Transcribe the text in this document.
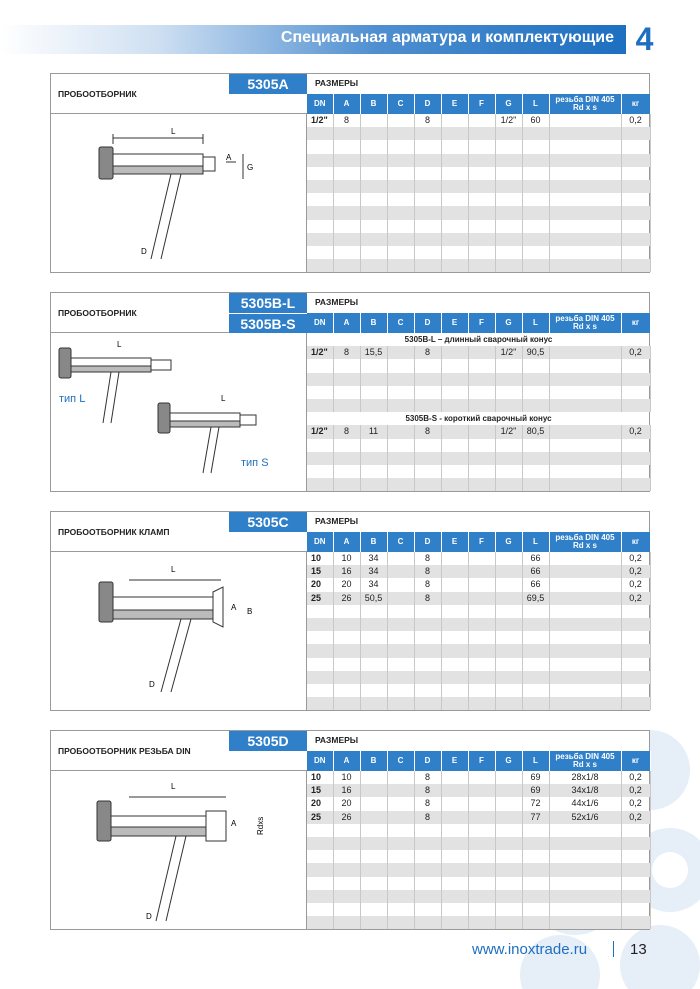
Специальная арматура и комплектующие 4
ПРОБООТБОРНИК
5305A	РАЗМЕРЫ
L
A
G
D
DN	A	B	C	D	E	F	G	L	резьба DIN 405 Rd x s	кг
1/2"	8			8			1/2"	60		0,2

ПРОБООТБОРНИК
5305B-L
5305B-S
РАЗМЕРЫ
L
L
тип L
тип S
DN	A	B	C	D	E	F	G	L	резьба DIN 405 Rd x s	кг
5305B-L – длинный сварочный конус										
1/2"	8	15,5		8			1/2"	90,5		0,2

5305B-S - короткий сварочный конус										
1/2"	8	11		8			1/2"	80,5		0,2

ПРОБООТБОРНИК КЛАМП
5305C	РАЗМЕРЫ
L
A B
D
DN	A	B	C	D	E	F	G	L	резьба DIN 405 Rd x s	кг
10	10	34		8				66		0,2
15	16	34		8				66		0,2
20	20	34		8				66		0,2
25	26	50,5		8				69,5		0,2

ПРОБООТБОРНИК РЕЗЬБА DIN
5305D	РАЗМЕРЫ
L
A Rdxs
D
DN	A	B	C	D	E	F	G	L	резьба DIN 405 Rd x s	кг
10	10			8				69	28x1/8	0,2
15	16			8				69	34x1/8	0,2
20	20			8				72	44x1/6	0,2
25	26			8				77	52x1/6	0,2

www.inoxtrade.ru	13
